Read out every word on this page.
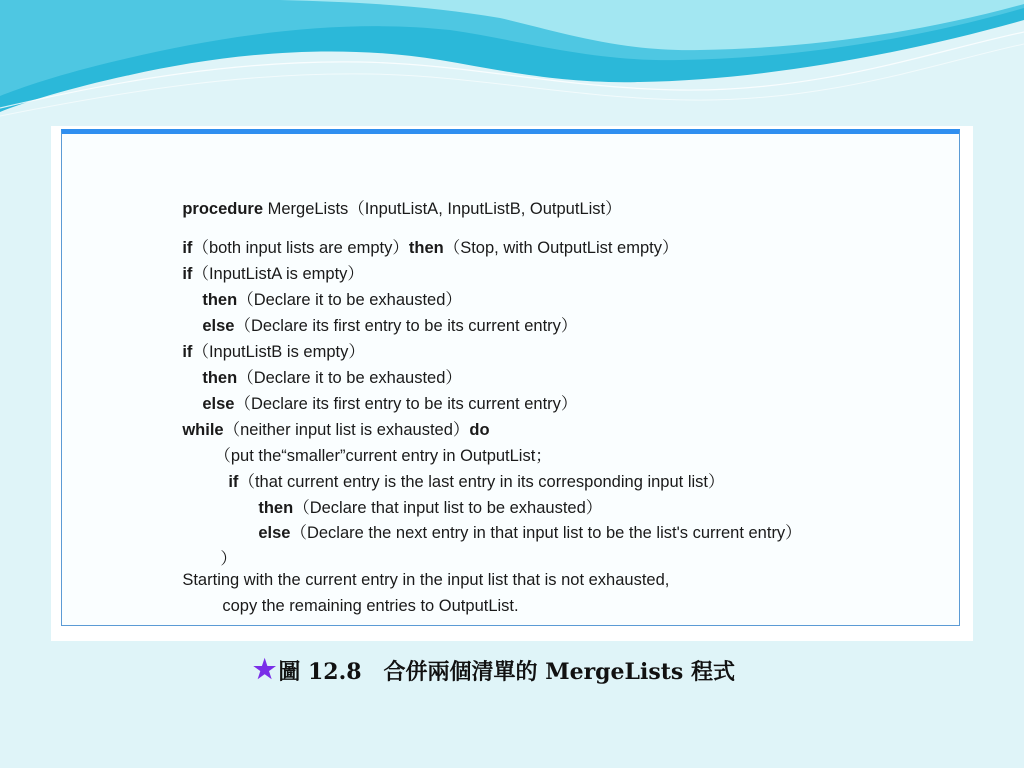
procedure MergeLists（InputListA, InputListB, OutputList）

if（both input lists are empty）then（Stop, with OutputList empty）

if（InputListA is empty）

then（Declare it to be exhausted）

else（Declare its first entry to be its current entry）

if（InputListB is empty）

then（Declare it to be exhausted）

else（Declare its first entry to be its current entry）

while（neither input list is exhausted）do

（put the“smaller”current entry in OutputList；

if（that current entry is the last entry in its corresponding input list）

then（Declare that input list to be exhausted）

else（Declare the next entry in that input list to be the list's current entry）

）

Starting with the current entry in the input list that is not exhausted,

copy the remaining entries to OutputList.

★ 圖 12.8　合併兩個清單的 MergeLists 程式
